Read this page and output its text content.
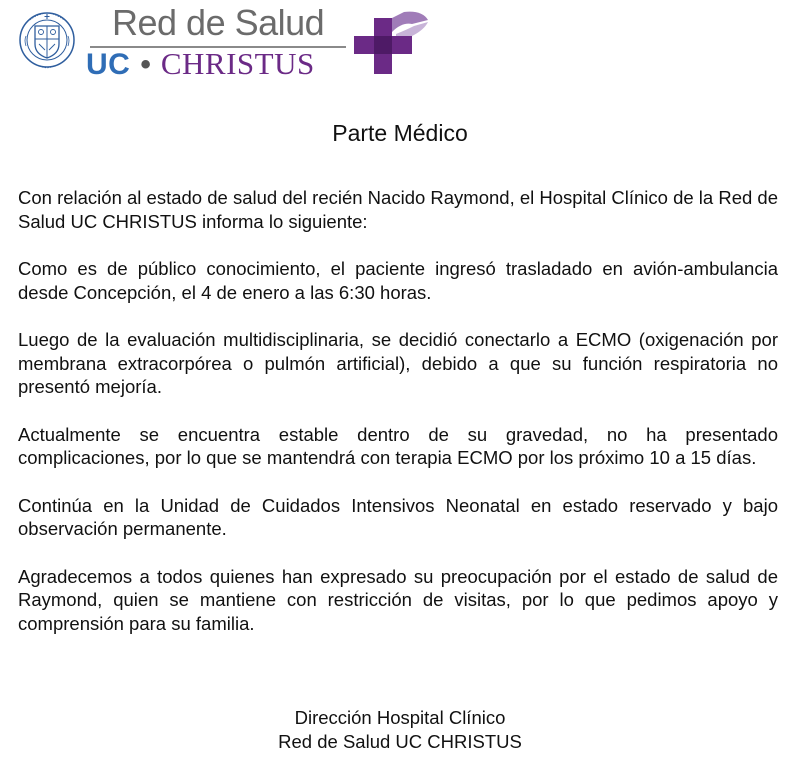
Red de Salud
UC • CHRISTUS
Parte Médico

Con relación al estado de salud del recién Nacido Raymond, el Hospital Clínico de la Red de Salud UC CHRISTUS informa lo siguiente:

Como es de público conocimiento, el paciente ingresó trasladado en avión-ambulancia desde Concepción, el 4 de enero a las 6:30 horas.

Luego de la evaluación multidisciplinaria, se decidió conectarlo a ECMO (oxigenación por membrana extracorpórea o pulmón artificial), debido a que su función respiratoria no presentó mejoría.

Actualmente se encuentra estable dentro de su gravedad, no ha presentado complicaciones, por lo que se mantendrá con terapia ECMO por los próximo 10 a 15 días.

Continúa en la Unidad de Cuidados Intensivos Neonatal en estado reservado y bajo observación permanente.

Agradecemos a todos quienes han expresado su preocupación por el estado de salud de Raymond, quien se mantiene con restricción de visitas, por lo que pedimos apoyo y comprensión para su familia.

Dirección Hospital Clínico
Red de Salud UC CHRISTUS
